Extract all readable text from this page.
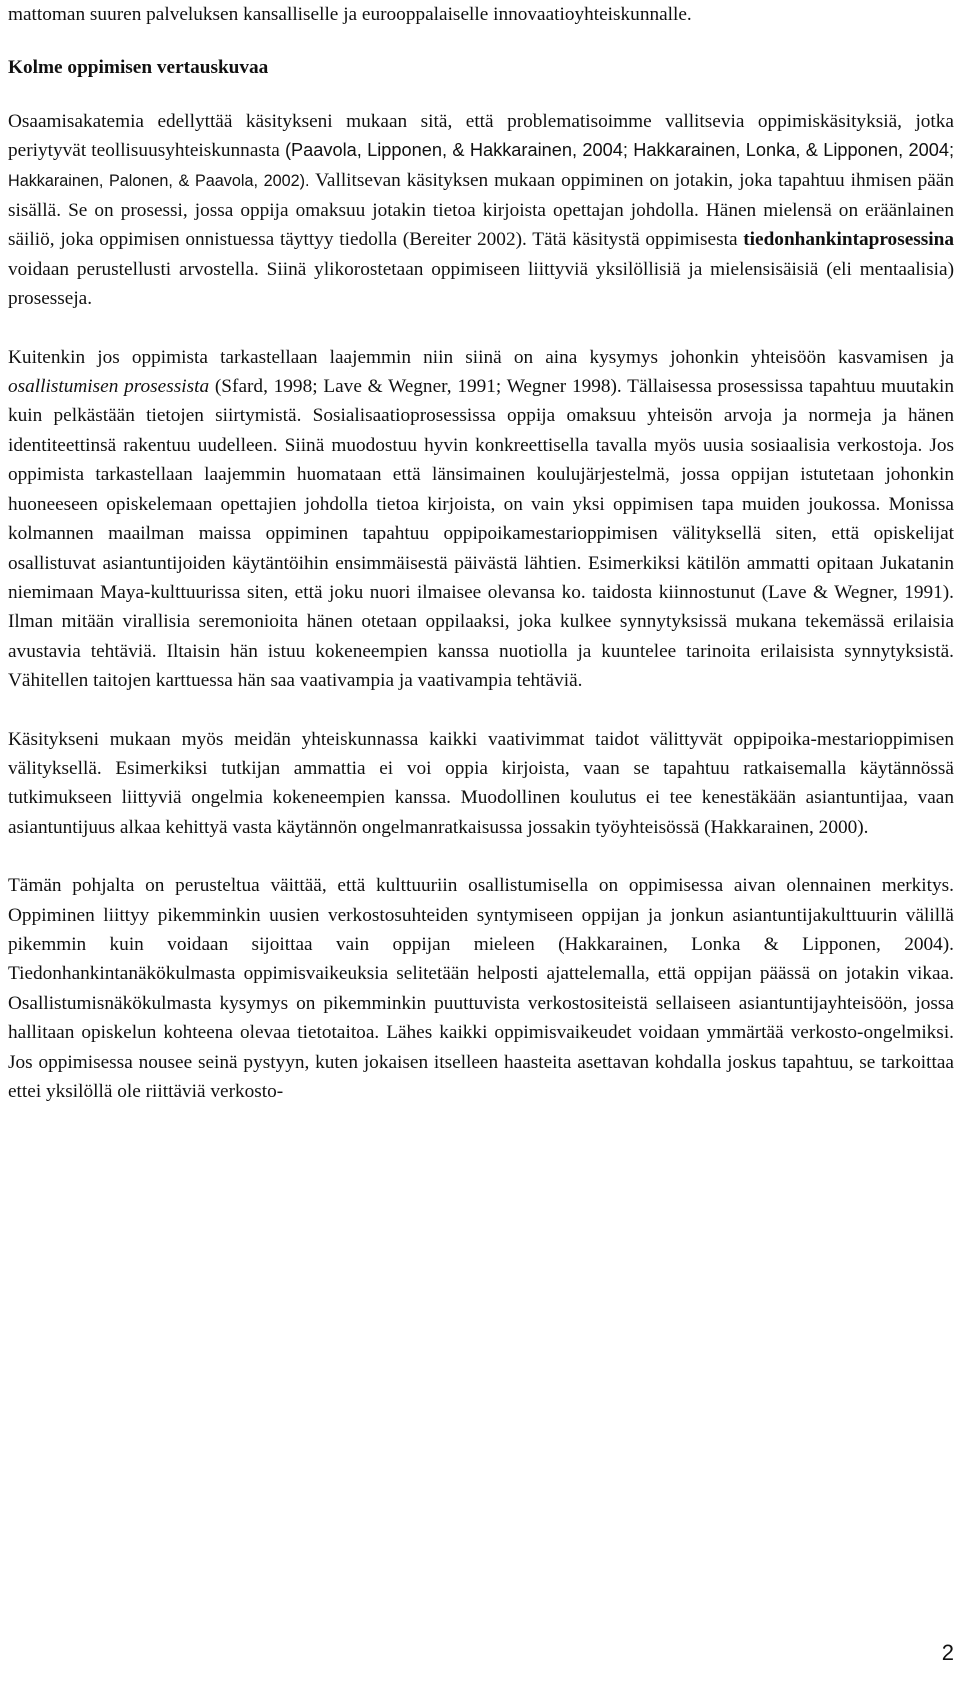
mattoman suuren palveluksen kansalliselle ja eurooppalaiselle innovaatioyhteiskunnalle.

Kolme oppimisen vertauskuvaa

Osaamisakatemia edellyttää käsitykseni mukaan sitä, että problematisoimme vallitsevia oppimiskäsityksiä, jotka periytyvät teollisuusyhteiskunnasta (Paavola, Lipponen, & Hakkarainen, 2004; Hakkarainen, Lonka, & Lipponen, 2004; Hakkarainen, Palonen, & Paavola, 2002). Vallitsevan käsityksen mukaan oppiminen on jotakin, joka tapahtuu ihmisen pään sisällä. Se on prosessi, jossa oppija omaksuu jotakin tietoa kirjoista opettajan johdolla. Hänen mielensä on eräänlainen säiliö, joka oppimisen onnistuessa täyttyy tiedolla (Bereiter 2002). Tätä käsitystä oppimisesta tiedonhankintaprosessina voidaan perustellusti arvostella. Siinä ylikorostetaan oppimiseen liittyviä yksilöllisiä ja mielensisäisiä (eli mentaalisia) prosesseja.

Kuitenkin jos oppimista tarkastellaan laajemmin niin siinä on aina kysymys johonkin yhteisöön kasvamisen ja osallistumisen prosessista (Sfard, 1998; Lave & Wegner, 1991; Wegner 1998). Tällaisessa prosessissa tapahtuu muutakin kuin pelkästään tietojen siirtymistä. Sosialisaatioprosessissa oppija omaksuu yhteisön arvoja ja normeja ja hänen identiteettinsä rakentuu uudelleen. Siinä muodostuu hyvin konkreettisella tavalla myös uusia sosiaalisia verkostoja. Jos oppimista tarkastellaan laajemmin huomataan että länsimainen koulujärjestelmä, jossa oppijan istutetaan johonkin huoneeseen opiskelemaan opettajien johdolla tietoa kirjoista, on vain yksi oppimisen tapa muiden joukossa. Monissa kolmannen maailman maissa oppiminen tapahtuu oppipoikamestarioppimisen välityksellä siten, että opiskelijat osallistuvat asiantuntijoiden käytäntöihin ensimmäisestä päivästä lähtien. Esimerkiksi kätilön ammatti opitaan Jukatanin niemimaan Maya-kulttuurissa siten, että joku nuori ilmaisee olevansa ko. taidosta kiinnostunut (Lave & Wegner, 1991). Ilman mitään virallisia seremonioita hänen otetaan oppilaaksi, joka kulkee synnytyksissä mukana tekemässä erilaisia avustavia tehtäviä. Iltaisin hän istuu kokeneempien kanssa nuotiolla ja kuuntelee tarinoita erilaisista synnytyksistä. Vähitellen taitojen karttuessa hän saa vaativampia ja vaativampia tehtäviä.

Käsitykseni mukaan myös meidän yhteiskunnassa kaikki vaativimmat taidot välittyvät oppipoika-mestarioppimisen välityksellä. Esimerkiksi tutkijan ammattia ei voi oppia kirjoista, vaan se tapahtuu ratkaisemalla käytännössä tutkimukseen liittyviä ongelmia kokeneempien kanssa. Muodollinen koulutus ei tee kenestäkään asiantuntijaa, vaan asiantuntijuus alkaa kehittyä vasta käytännön ongelmanratkaisussa jossakin työyhteisössä (Hakkarainen, 2000).

Tämän pohjalta on perusteltua väittää, että kulttuuriin osallistumisella on oppimisessa aivan olennainen merkitys. Oppiminen liittyy pikemminkin uusien verkostosuhteiden syntymiseen oppijan ja jonkun asiantuntijakulttuurin välillä pikemmin kuin voidaan sijoittaa vain oppijan mieleen (Hakkarainen, Lonka & Lipponen, 2004). Tiedonhankintanäkökulmasta oppimisvaikeuksia selitetään helposti ajattelemalla, että oppijan päässä on jotakin vikaa. Osallistumisnäkökulmasta kysymys on pikemminkin puuttuvista verkostositeistä sellaiseen asiantuntijayhteisöön, jossa hallitaan opiskelun kohteena olevaa tietotaitoa. Lähes kaikki oppimisvaikeudet voidaan ymmärtää verkosto-ongelmiksi. Jos oppimisessa nousee seinä pystyyn, kuten jokaisen itselleen haasteita asettavan kohdalla joskus tapahtuu, se tarkoittaa ettei yksilöllä ole riittäviä verkosto-

2
